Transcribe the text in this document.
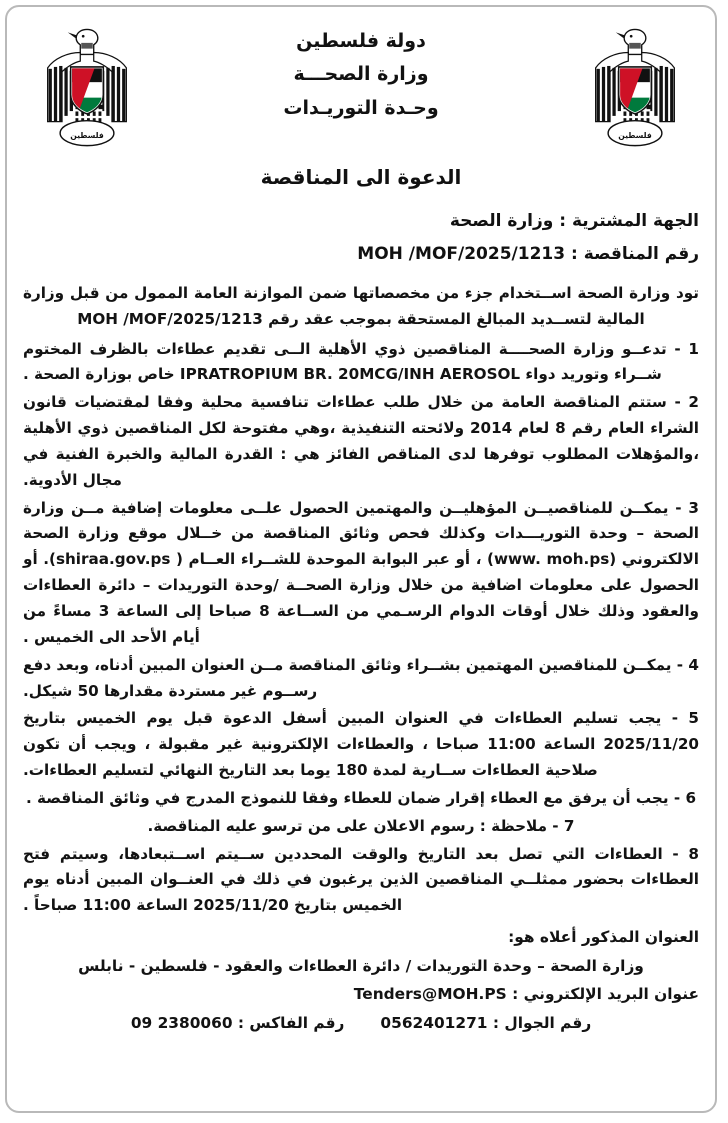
فلسطين
دولة فلسطين
وزارة الصحـــة
وحـدة التوريـدات
فلسطين
الدعوة الى المناقصة
الجهة المشترية : وزارة الصحة
رقم المناقصة : MOH /MOF/2025/1213
تود وزارة الصحة اســتخدام جزء من مخصصاتها ضمن الموازنة العامة الممول من قبل وزارة المالية لتســديد المبالغ المستحقة بموجب عقد رقم MOH /MOF/2025/1213
1 - تدعــو وزارة الصحــــة المناقصين ذوي الأهلية الــى تقديم عطاءات بالظرف المختوم شــراء وتوريد دواء IPRATROPIUM BR. 20MCG/INH AEROSOL خاص بوزارة الصحة .
2 - ستتم المناقصة العامة من خلال طلب عطاءات تنافسية محلية وفقا لمقتضيات قانون الشراء العام رقم 8 لعام 2014 ولائحته التنفيذية ،وهي مفتوحة لكل المناقصين ذوي الأهلية ،والمؤهلات المطلوب توفرها لدى المناقص الفائز هي : القدرة المالية والخبرة الفنية في مجال الأدوية.
3 - يمكــن للمناقصيــن المؤهليــن والمهتمين الحصول علــى معلومات إضافية مــن وزارة الصحة – وحدة التوريـــدات وكذلك فحص وثائق المناقصة من خــلال موقع وزارة الصحة الالكتروني (www. moh.ps) ، أو عبر البوابة الموحدة للشــراء العــام ( shiraa.gov.ps). أو الحصول على معلومات اضافية من خلال وزارة الصحــة /وحدة التوريدات – دائرة العطاءات والعقود وذلك خلال أوقات الدوام الرسـمي من الســاعة 8 صباحا إلى الساعة 3 مساءً من أيام الأحد الى الخميس .
4 - يمكــن للمناقصين المهتمين بشــراء وثائق المناقصة مــن العنوان المبين أدناه، وبعد دفع رســوم غير مستردة مقدارها 50 شيكل.
5 - يجب تسليم العطاءات في العنوان المبين أسفل الدعوة قبل يوم الخميس بتاريخ 2025/11/20 الساعة 11:00 صباحا ، والعطاءات الإلكترونية غير مقبولة ، ويجب أن تكون صلاحية العطاءات ســارية لمدة 180 يوما بعد التاريخ النهائي لتسليم العطاءات.
6 - يجب أن يرفق مع العطاء إقرار ضمان للعطاء وفقا للنموذج المدرج في وثائق المناقصة .
7 - ملاحظة : رسوم الاعلان على من ترسو عليه المناقصة.
8 - العطاءات التي تصل بعد التاريخ والوقت المحددين ســيتم اســتبعادها، وسيتم فتح العطاءات بحضور ممثلــي المناقصين الذين يرغبون في ذلك في العنــوان المبين أدناه يوم الخميس بتاريخ 2025/11/20 الساعة 11:00 صباحاً .
العنوان المذكور أعلاه هو:
وزارة الصحة – وحدة التوريدات / دائرة العطاءات والعقود - فلسطين - نابلس
عنوان البريد الإلكتروني : Tenders@MOH.PS
رقم الفاكس : 09 2380060	رقم الجوال : 0562401271
